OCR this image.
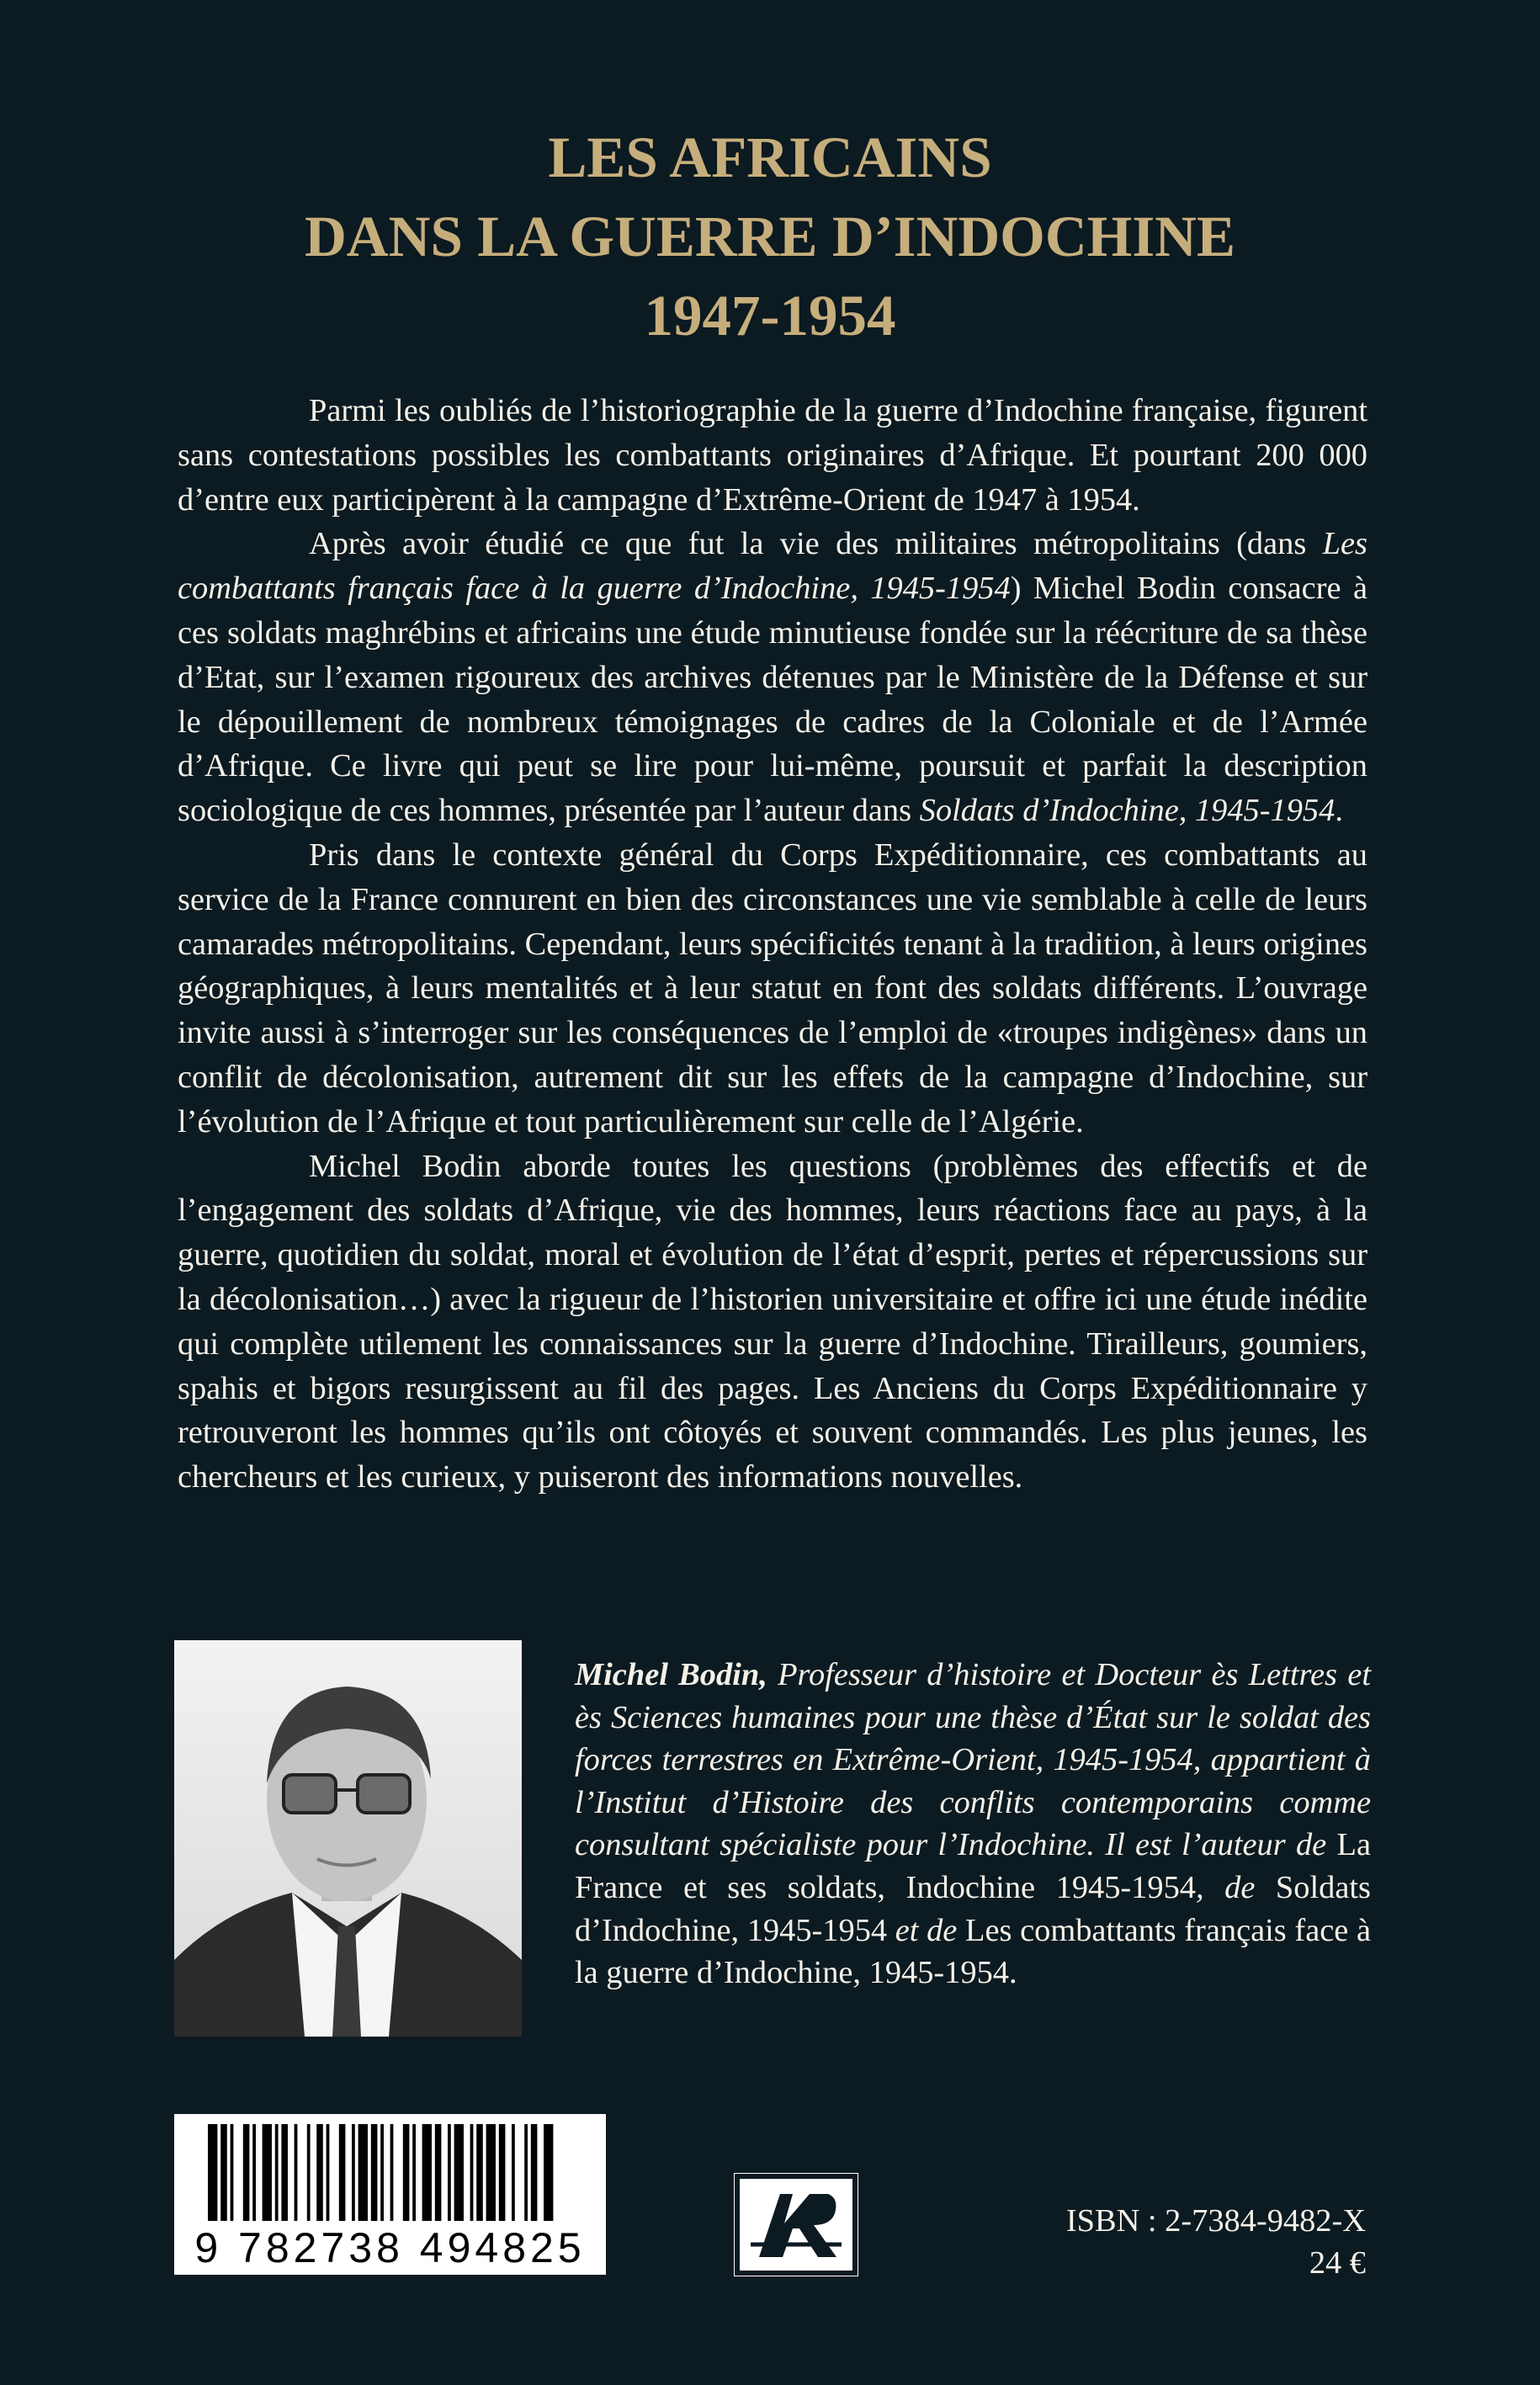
LES AFRICAINS
DANS LA GUERRE D’INDOCHINE
1947-1954

Parmi les oubliés de l’historiographie de la guerre d’Indochine française, figurent sans contestations possibles les combattants originaires d’Afrique. Et pourtant 200 000 d’entre eux participèrent à la campagne d’Extrême-Orient de 1947 à 1954.

Après avoir étudié ce que fut la vie des militaires métropolitains (dans Les combattants français face à la guerre d’Indochine, 1945-1954) Michel Bodin consacre à ces soldats maghrébins et africains une étude minutieuse fondée sur la réécriture de sa thèse d’Etat, sur l’examen rigoureux des archives détenues par le Ministère de la Défense et sur le dépouillement de nombreux témoignages de cadres de la Coloniale et de l’Armée d’Afrique. Ce livre qui peut se lire pour lui-même, poursuit et parfait la description sociologique de ces hommes, présentée par l’auteur dans Soldats d’Indochine, 1945-1954.

Pris dans le contexte général du Corps Expéditionnaire, ces combattants au service de la France connurent en bien des circonstances une vie semblable à celle de leurs camarades métropolitains. Cependant, leurs spécificités tenant à la tradition, à leurs origines géographiques, à leurs mentalités et à leur statut en font des soldats différents. L’ouvrage invite aussi à s’interroger sur les conséquences de l’emploi de «troupes indigènes» dans un conflit de décolonisation, autrement dit sur les effets de la campagne d’Indochine, sur l’évolution de l’Afrique et tout particulièrement sur celle de l’Algérie.

Michel Bodin aborde toutes les questions (problèmes des effectifs et de l’engagement des soldats d’Afrique, vie des hommes, leurs réactions face au pays, à la guerre, quotidien du soldat, moral et évolution de l’état d’esprit, pertes et répercussions sur la décolonisation…) avec la rigueur de l’historien universitaire et offre ici une étude inédite qui complète utilement les connaissances sur la guerre d’Indochine. Tirailleurs, goumiers, spahis et bigors resurgissent au fil des pages. Les Anciens du Corps Expéditionnaire y retrouveront les hommes qu’ils ont côtoyés et souvent commandés. Les plus jeunes, les chercheurs et les curieux, y puiseront des informations nouvelles.

Michel Bodin, Professeur d’histoire et Docteur ès Lettres et ès Sciences humaines pour une thèse d’État sur le soldat des forces terrestres en Extrême-Orient, 1945-1954, appartient à l’Institut d’Histoire des conflits contemporains comme consultant spécialiste pour l’Indochine. Il est l’auteur de La France et ses soldats, Indochine 1945-1954, de Soldats d’Indochine, 1945-1954 et de Les combattants français face à la guerre d’Indochine, 1945-1954.
9 782738 494825
ISBN : 2-7384-9482-X
24 €
